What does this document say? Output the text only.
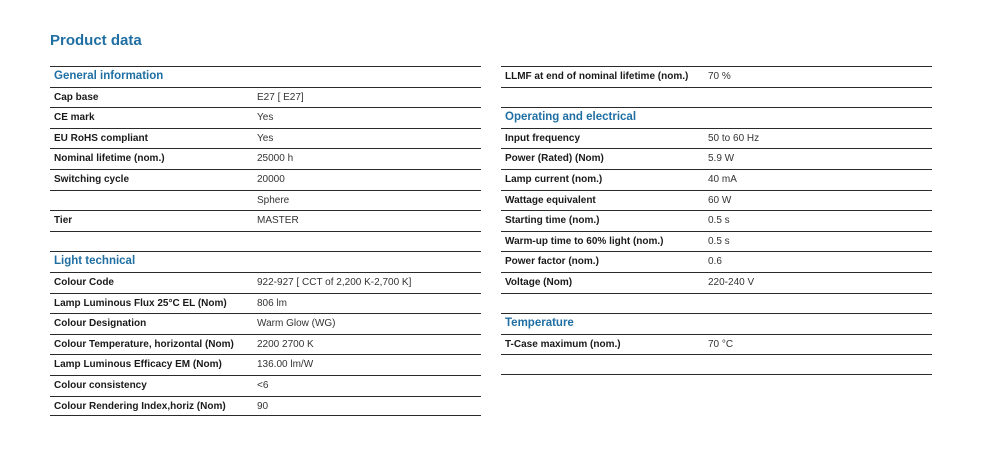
Product data
General information
Cap base	E27 [ E27]
CE mark	Yes
EU RoHS compliant	Yes
Nominal lifetime (nom.)	25000 h
Switching cycle	20000
Sphere
Tier	MASTER
Light technical
Colour Code	922-927 [ CCT of 2,200 K-2,700 K]
Lamp Luminous Flux 25°C EL (Nom)	806 lm
Colour Designation	Warm Glow (WG)
Colour Temperature, horizontal (Nom) 2200 2700 K
Lamp Luminous Efficacy EM (Nom)	136.00 lm/W
Colour consistency	<6
Colour Rendering Index,horiz (Nom)	90
LLMF at end of nominal lifetime (nom.) 70 %
Operating and electrical
Input frequency	50 to 60 Hz
Power (Rated) (Nom)	5.9 W
Lamp current (nom.)	40 mA
Wattage equivalent	60 W
Starting time (nom.)	0.5 s
Warm-up time to 60% light (nom.)	0.5 s
Power factor (nom.)	0.6
Voltage (Nom)	220-240 V
Temperature
T-Case maximum (nom.)	70 °C
